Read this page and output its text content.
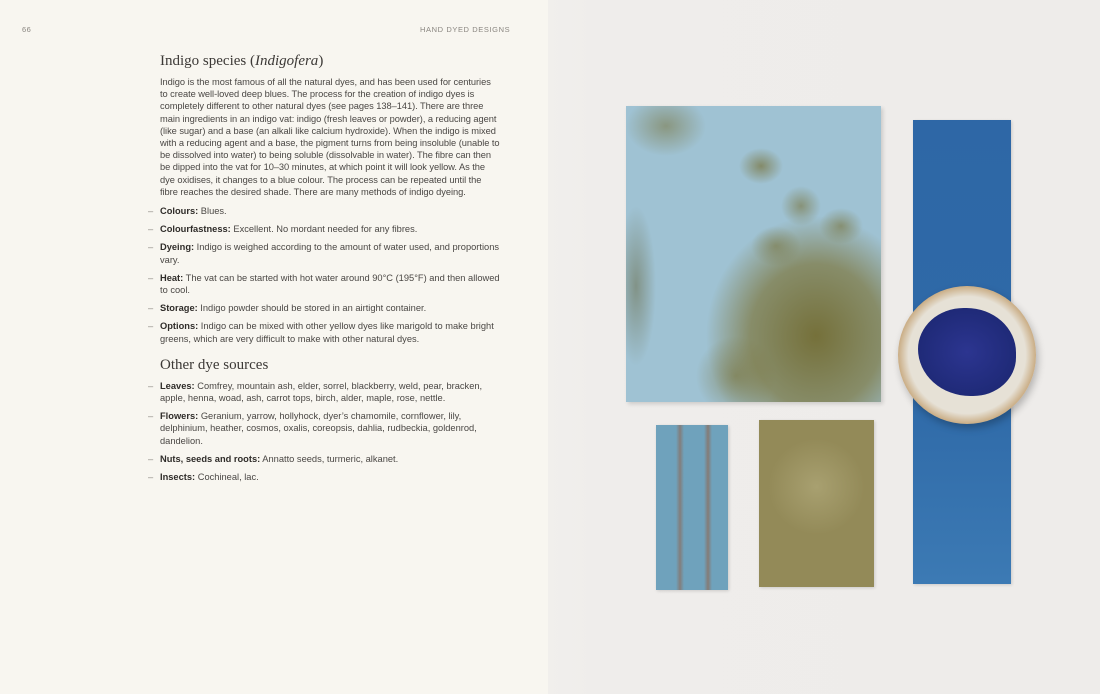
66	HAND DYED DESIGNS
Indigo species (Indigofera)

Indigo is the most famous of all the natural dyes, and has been used for centuries to create well-loved deep blues. The process for the creation of indigo dyes is completely different to other natural dyes (see pages 138–141). There are three main ingredients in an indigo vat: indigo (fresh leaves or powder), a reducing agent (like sugar) and a base (an alkali like calcium hydroxide). When the indigo is mixed with a reducing agent and a base, the pigment turns from being insoluble (unable to be dissolved into water) to being soluble (dissolvable in water). The fibre can then be dipped into the vat for 10–30 minutes, at which point it will look yellow. As the dye oxidises, it changes to a blue colour. The process can be repeated until the fibre reaches the desired shade. There are many methods of indigo dyeing.

– Colours: Blues.
– Colourfastness: Excellent. No mordant needed for any fibres.
– Dyeing: Indigo is weighed according to the amount of water used, and proportions vary.
– Heat: The vat can be started with hot water around 90°C (195°F) and then allowed to cool.
– Storage: Indigo powder should be stored in an airtight container.
– Options: Indigo can be mixed with other yellow dyes like marigold to make bright greens, which are very difficult to make with other natural dyes.
Other dye sources
– Leaves: Comfrey, mountain ash, elder, sorrel, blackberry, weld, pear, bracken, apple, henna, woad, ash, carrot tops, birch, alder, maple, rose, nettle.
– Flowers: Geranium, yarrow, hollyhock, dyer’s chamomile, cornflower, lily, delphinium, heather, cosmos, oxalis, coreopsis, dahlia, rudbeckia, goldenrod, dandelion.
– Nuts, seeds and roots: Annatto seeds, turmeric, alkanet.
– Insects: Cochineal, lac.
